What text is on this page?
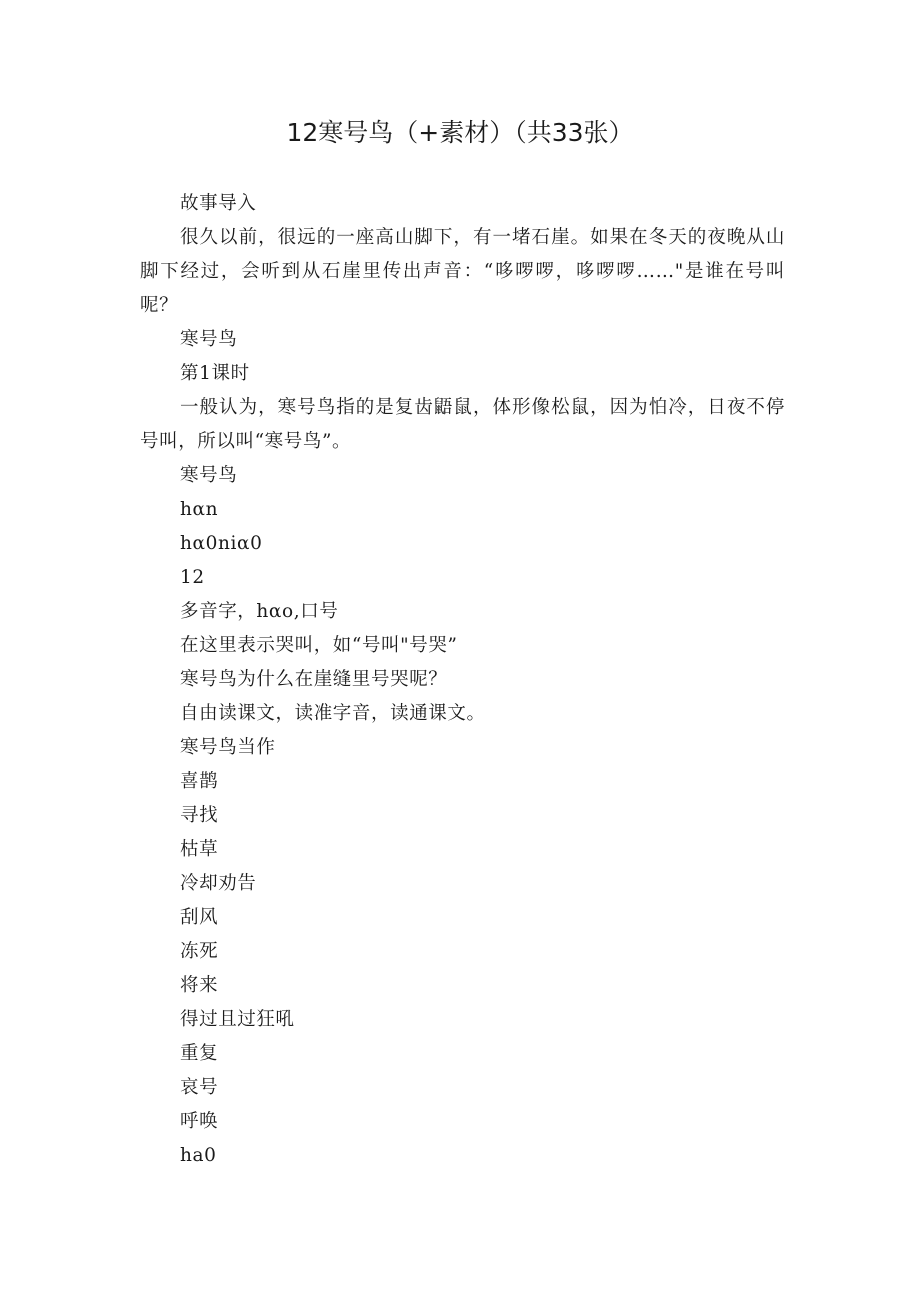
12寒号鸟（+素材）（共33张）

故事导入

很久以前，很远的一座高山脚下，有一堵石崖。如果在冬天的夜晚从山脚下经过，会听到从石崖里传出声音：“哆啰啰，哆啰啰……"是谁在号叫呢？

寒号鸟

第1课时

一般认为，寒号鸟指的是复齿鼯鼠，体形像松鼠，因为怕冷，日夜不停号叫，所以叫“寒号鸟”。

寒号鸟

hαn

hα0niα0

12

多音字，hαo,口号

在这里表示哭叫，如“号叫"号哭”

寒号鸟为什么在崖缝里号哭呢？

自由读课文，读准字音，读通课文。

寒号鸟当作

喜鹊

寻找

枯草

冷却劝告

刮风

冻死

将来

得过且过狂吼

重复

哀号

呼唤

ha0
